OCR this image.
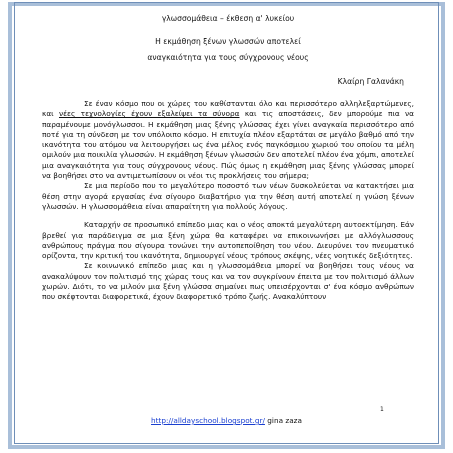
γλωσσομάθεια – έκθεση α' λυκείου
Η εκμάθηση ξένων γλωσσών αποτελεί
αναγκαιότητα για τους σύγχρονους νέους
Κλαίρη Γαλανάκη

Σε έναν κόσμο που οι χώρες του καθίστανται όλο και περισσότερο αλληλεξαρτώμενες, και νέες τεχνολογίες έχουν εξαλείψει τα σύνορα και τις αποστάσεις, δεν μπορούμε πια να παραμένουμε μονόγλωσσοι. Η εκμάθηση μιας ξένης γλώσσας έχει γίνει αναγκαία περισσότερο από ποτέ για τη σύνδεση με τον υπόλοιπο κόσμο. Η επιτυχία πλέον εξαρτάται σε μεγάλο βαθμό από την ικανότητα του ατόμου να λειτουργήσει ως ένα μέλος ενός παγκόσμιου χωριού του οποίου τα μέλη ομιλούν μια ποικιλία γλωσσών. Η εκμάθηση ξένων γλωσσών δεν αποτελεί πλέον ένα χόμπι, αποτελεί μια αναγκαιότητα για τους σύγχρονους νέους. Πώς όμως η εκμάθηση μιας ξένης γλώσσας μπορεί να βοηθήσει στο να αντιμετωπίσουν οι νέοι τις προκλήσεις του σήμερα;

Σε μια περίοδο που το μεγαλύτερο ποσοστό των νέων δυσκολεύεται να κατακτήσει μια θέση στην αγορά εργασίας ένα σίγουρο διαβατήριο για την θέση αυτή αποτελεί η γνώση ξένων γλωσσών. Η γλωσσομάθεια είναι απαραίτητη για πολλούς λόγους.

Καταρχήν σε προσωπικό επίπεδο μιας και ο νέος αποκτά μεγαλύτερη αυτοεκτίμηση. Εάν βρεθεί για παράδειγμα σε μια ξένη χώρα θα καταφέρει να επικοινωνήσει με αλλόγλωσσους ανθρώπους πράγμα που σίγουρα τονώνει την αυτοπεποίθηση του νέου. Διευρύνει τον πνευματικό ορίζοντα, την κριτική του ικανότητα, δημιουργεί νέους τρόπους σκέψης, νέες νοητικές δεξιότητες.

Σε κοινωνικό επίπεδο μιας και η γλωσσομάθεια μπορεί να βοηθήσει τους νέους να ανακαλύψουν τον πολιτισμό της χώρας τους και να τον συγκρίνουν έπειτα με τον πολιτισμό άλλων χωρών. Διότι, το να μιλούν μια ξένη γλώσσα σημαίνει πως υπεισέρχονται σ' ένα κόσμο ανθρώπων που σκέφτονται διαφορετικά, έχουν διαφορετικό τρόπο ζωής. Ανακαλύπτουν

1
http://alldayschool.blogspot.gr/ gina zaza
